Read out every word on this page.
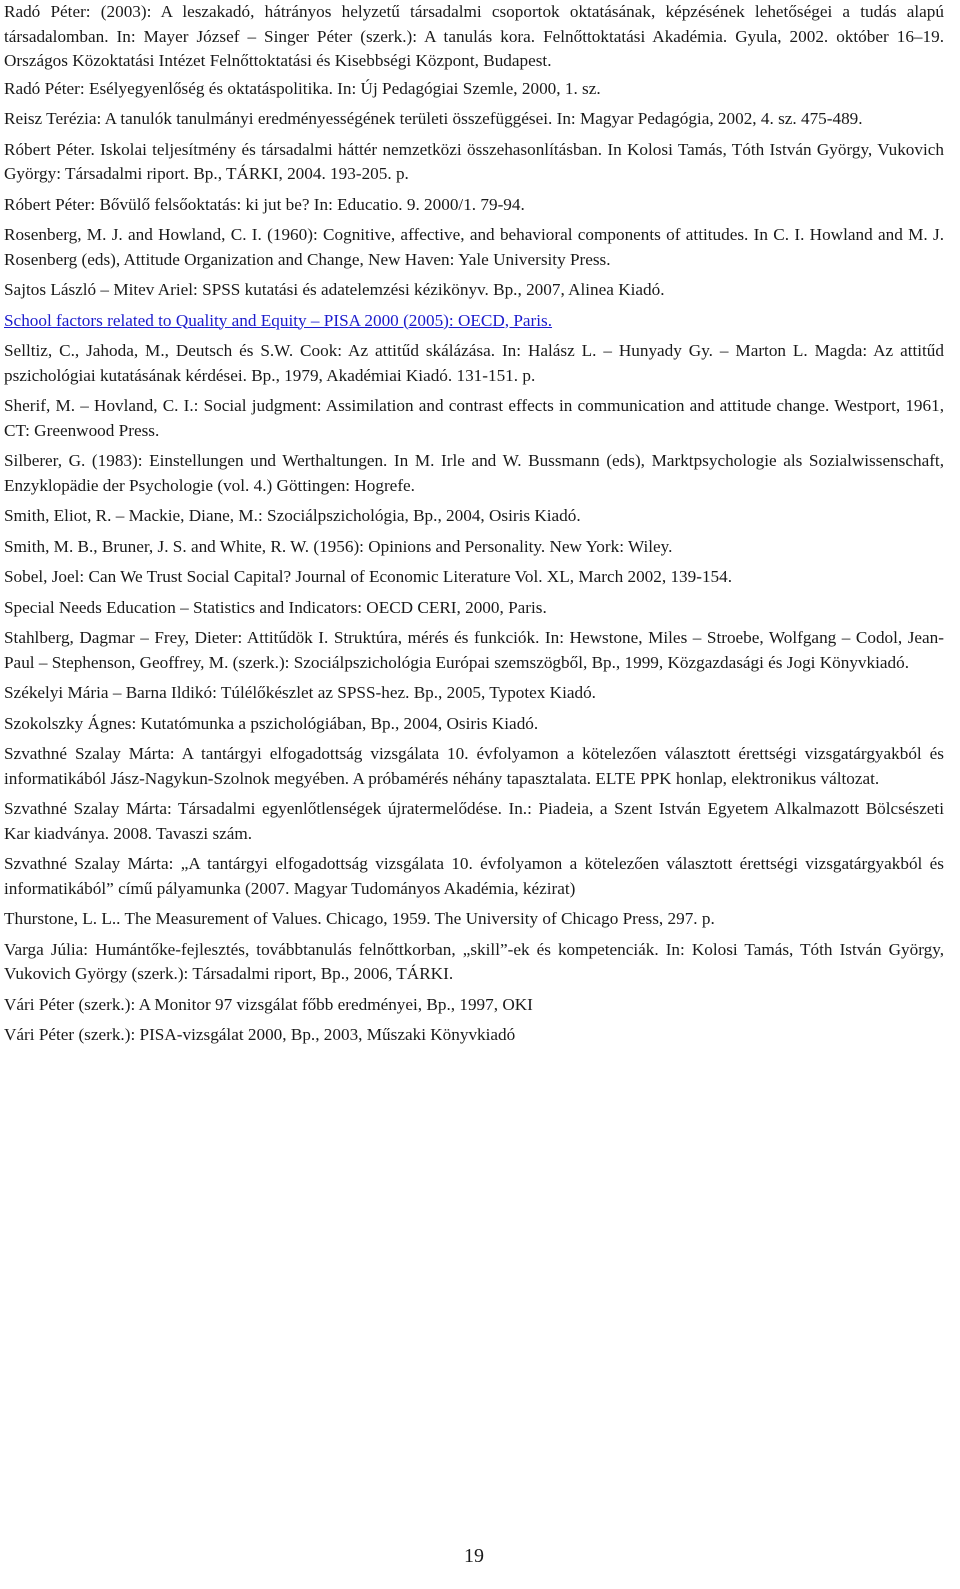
Radó Péter: (2003): A leszakadó, hátrányos helyzetű társadalmi csoportok oktatásának, képzésének lehetőségei a tudás alapú társadalomban. In: Mayer József – Singer Péter (szerk.): A tanulás kora. Felnőttoktatási Akadémia. Gyula, 2002. október 16–19. Országos Közoktatási Intézet Felnőttoktatási és Kisebbségi Központ, Budapest.

Radó Péter: Esélyegyenlőség és oktatáspolitika. In: Új Pedagógiai Szemle, 2000, 1. sz.

Reisz Terézia: A tanulók tanulmányi eredményességének területi összefüggései. In: Magyar Pedagógia, 2002, 4. sz. 475-489.

Róbert Péter. Iskolai teljesítmény és társadalmi háttér nemzetközi összehasonlításban. In Kolosi Tamás, Tóth István György, Vukovich György: Társadalmi riport. Bp., TÁRKI, 2004. 193-205. p.

Róbert Péter: Bővülő felsőoktatás: ki jut be? In: Educatio. 9. 2000/1. 79-94.

Rosenberg, M. J. and Howland, C. I. (1960): Cognitive, affective, and behavioral components of attitudes. In C. I. Howland and M. J. Rosenberg (eds), Attitude Organization and Change, New Haven: Yale University Press.

Sajtos László – Mitev Ariel: SPSS kutatási és adatelemzési kézikönyv. Bp., 2007, Alinea Kiadó.

School factors related to Quality and Equity – PISA 2000 (2005): OECD, Paris.

Selltiz, C., Jahoda, M., Deutsch és S.W. Cook: Az attitűd skálázása. In: Halász L. – Hunyady Gy. – Marton L. Magda: Az attitűd pszichológiai kutatásának kérdései. Bp., 1979, Akadémiai Kiadó. 131-151. p.

Sherif, M. – Hovland, C. I.: Social judgment: Assimilation and contrast effects in communication and attitude change. Westport, 1961, CT: Greenwood Press.

Silberer, G. (1983): Einstellungen und Werthaltungen. In M. Irle and W. Bussmann (eds), Marktpsychologie als Sozialwissenschaft, Enzyklopädie der Psychologie (vol. 4.) Göttingen: Hogrefe.

Smith, Eliot, R. – Mackie, Diane, M.: Szociálpszichológia, Bp., 2004, Osiris Kiadó.

Smith, M. B., Bruner, J. S. and White, R. W. (1956): Opinions and Personality. New York: Wiley.

Sobel, Joel: Can We Trust Social Capital? Journal of Economic Literature Vol. XL, March 2002, 139-154.

Special Needs Education – Statistics and Indicators: OECD CERI, 2000, Paris.

Stahlberg, Dagmar – Frey, Dieter: Attitűdök I. Struktúra, mérés és funkciók. In: Hewstone, Miles – Stroebe, Wolfgang – Codol, Jean-Paul – Stephenson, Geoffrey, M. (szerk.): Szociálpszichológia Európai szemszögből, Bp., 1999, Közgazdasági és Jogi Könyvkiadó.

Székelyi Mária – Barna Ildikó: Túlélőkészlet az SPSS-hez. Bp., 2005, Typotex Kiadó.

Szokolszky Ágnes: Kutatómunka a pszichológiában, Bp., 2004, Osiris Kiadó.

Szvathné Szalay Márta: A tantárgyi elfogadottság vizsgálata 10. évfolyamon a kötelezően választott érettségi vizsgatárgyakból és informatikából Jász-Nagykun-Szolnok megyében. A próbamérés néhány tapasztalata. ELTE PPK honlap, elektronikus változat.

Szvathné Szalay Márta: Társadalmi egyenlőtlenségek újratermelődése. In.: Piadeia, a Szent István Egyetem Alkalmazott Bölcsészeti Kar kiadványa. 2008. Tavaszi szám.

Szvathné Szalay Márta: „A tantárgyi elfogadottság vizsgálata 10. évfolyamon a kötelezően választott érettségi vizsgatárgyakból és informatikából” című pályamunka (2007. Magyar Tudományos Akadémia, kézirat)

Thurstone, L. L.. The Measurement of Values. Chicago, 1959. The University of Chicago Press, 297. p.

Varga Júlia: Humántőke-fejlesztés, továbbtanulás felnőttkorban, „skill”-ek és kompetenciák. In: Kolosi Tamás, Tóth István György, Vukovich György (szerk.): Társadalmi riport, Bp., 2006, TÁRKI.

Vári Péter (szerk.): A Monitor 97 vizsgálat főbb eredményei, Bp., 1997, OKI

Vári Péter (szerk.): PISA-vizsgálat 2000, Bp., 2003, Műszaki Könyvkiadó

19
